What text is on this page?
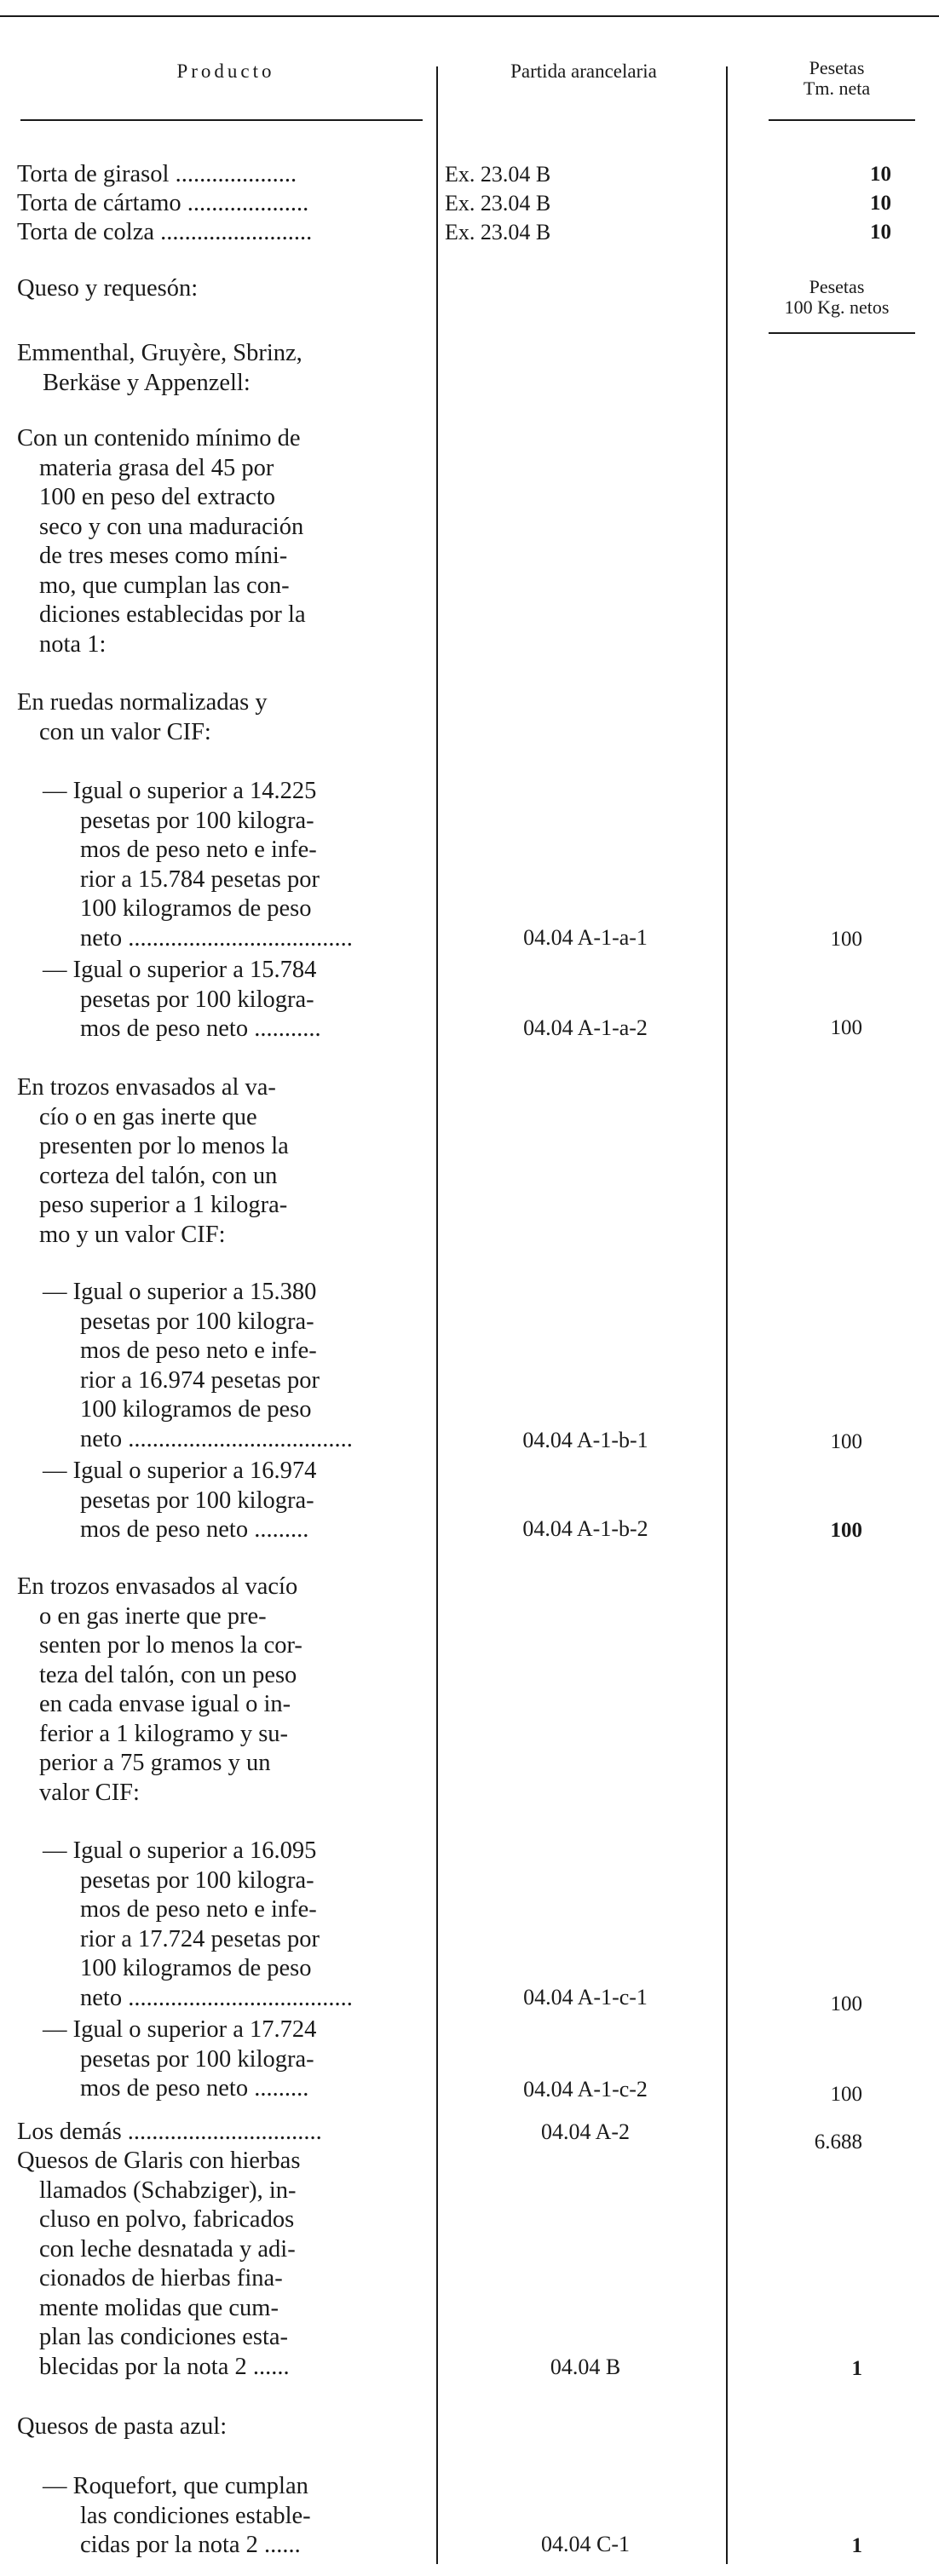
Producto	Partida arancelaria	Pesetas
Tm. neta
Torta de girasol ....................	Ex. 23.04 B	10
Torta de cártamo ....................	Ex. 23.04 B	10
Torta de colza .........................	Ex. 23.04 B	10
Queso y requesón:	Pesetas
100 Kg. netos
Emmenthal, Gruyère, Sbrinz,
Berkäse y Appenzell:
Con un contenido mínimo de
materia grasa del 45 por
100 en peso del extracto
seco y con una maduración
de tres meses como míni-
mo, que cumplan las con-
diciones establecidas por la
nota 1:
En ruedas normalizadas y
con un valor CIF:
— Igual o superior a 14.225
pesetas por 100 kilogra-
mos de peso neto e infe-
rior a 15.784 pesetas por
100 kilogramos de peso
neto .....................................	04.04 A-1-a-1	100
— Igual o superior a 15.784
pesetas por 100 kilogra-
mos de peso neto ...........	04.04 A-1-a-2	100
En trozos envasados al va-
cío o en gas inerte que
presenten por lo menos la
corteza del talón, con un
peso superior a 1 kilogra-
mo y un valor CIF:
— Igual o superior a 15.380
pesetas por 100 kilogra-
mos de peso neto e infe-
rior a 16.974 pesetas por
100 kilogramos de peso
neto .....................................	04.04 A-1-b-1	100
— Igual o superior a 16.974
pesetas por 100 kilogra-
mos de peso neto .........	04.04 A-1-b-2	100
En trozos envasados al vacío
o en gas inerte que pre-
senten por lo menos la cor-
teza del talón, con un peso
en cada envase igual o in-
ferior a 1 kilogramo y su-
perior a 75 gramos y un
valor CIF:
— Igual o superior a 16.095
pesetas por 100 kilogra-
mos de peso neto e infe-
rior a 17.724 pesetas por
100 kilogramos de peso
neto .....................................	04.04 A-1-c-1	100
— Igual o superior a 17.724
pesetas por 100 kilogra-
mos de peso neto .........	04.04 A-1-c-2	100
Los demás ................................	04.04 A-2	6.688
Quesos de Glaris con hierbas
llamados (Schabziger), in-
cluso en polvo, fabricados
con leche desnatada y adi-
cionados de hierbas fina-
mente molidas que cum-
plan las condiciones esta-
blecidas por la nota 2 ......	04.04 B	1
Quesos de pasta azul:
— Roquefort, que cumplan
las condiciones estable-
cidas por la nota 2 ......	04.04 C-1	1
